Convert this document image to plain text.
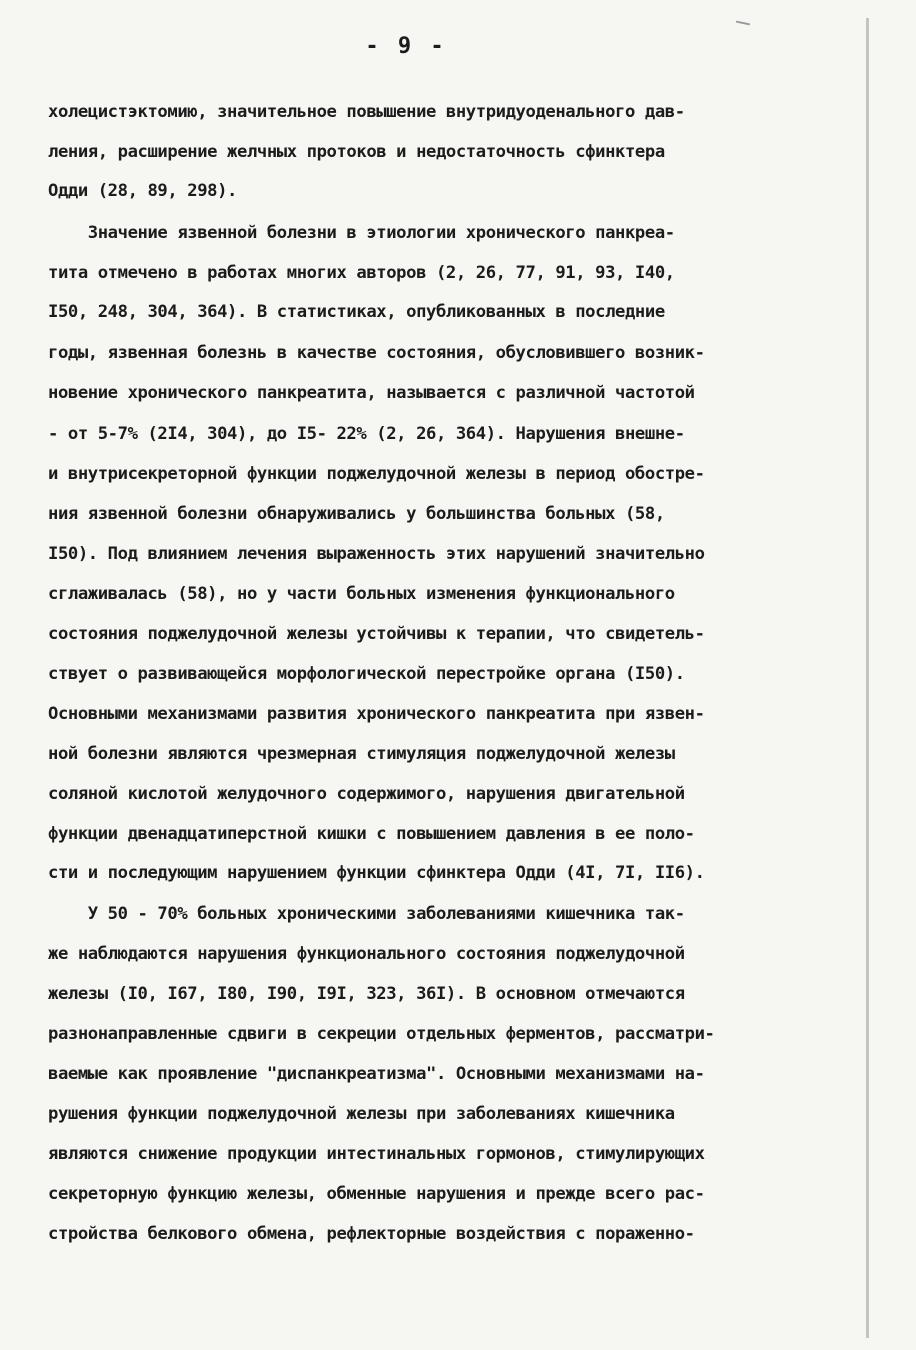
- 9 -

холецистэктомию, значительное повышение внутридуоденального дав-

ления, расширение желчных протоков и недостаточность сфинктера

Одди (28, 89, 298).

Значение язвенной болезни в этиологии хронического панкреа-

тита отмечено в работах многих авторов (2, 26, 77, 91, 93, I40,

I50, 248, 304, 364). В статистиках, опубликованных в последние

годы, язвенная болезнь в качестве состояния, обусловившего возник-

новение хронического панкреатита, называется с различной частотой

- от 5-7% (2I4, 304), до I5- 22% (2, 26, 364). Нарушения внешне-

и внутрисекреторной функции поджелудочной железы в период обостре-

ния язвенной болезни обнаруживались у большинства больных (58,

I50). Под влиянием лечения выраженность этих нарушений значительно

сглаживалась (58), но у части больных изменения функционального

состояния поджелудочной железы устойчивы к терапии, что свидетель-

ствует о развивающейся морфологической перестройке органа (I50).

Основными механизмами развития хронического панкреатита при язвен-

ной болезни являются чрезмерная стимуляция поджелудочной железы

соляной кислотой желудочного содержимого, нарушения двигательной

функции двенадцатиперстной кишки с повышением давления в ее поло-

сти и последующим нарушением функции сфинктера Одди (4I, 7I, II6).

У 50 - 70% больных хроническими заболеваниями кишечника так-

же наблюдаются нарушения функционального состояния поджелудочной

железы (I0, I67, I80, I90, I9I, 323, 36I). В основном отмечаются

разнонаправленные сдвиги в секреции отдельных ферментов, рассматри-

ваемые как проявление "диспанкреатизма". Основными механизмами на-

рушения функции поджелудочной железы при заболеваниях кишечника

являются снижение продукции интестинальных гормонов, стимулирующих

секреторную функцию железы, обменные нарушения и прежде всего рас-

стройства белкового обмена, рефлекторные воздействия с пораженно-
